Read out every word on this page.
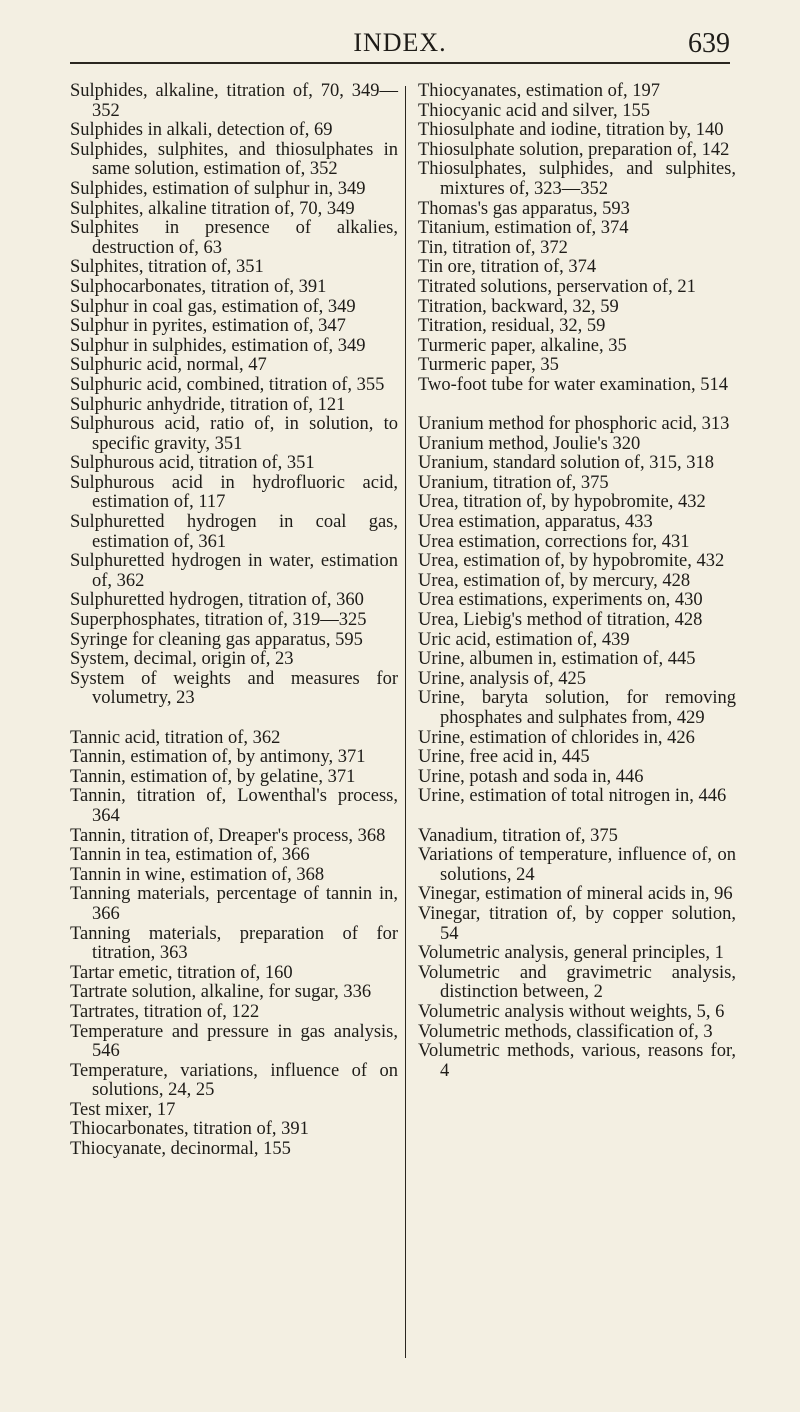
INDEX.	639

Sulphides, alkaline, titration of, 70, 349—352

Sulphides in alkali, detection of, 69

Sulphides, sulphites, and thiosulphates in same solution, estimation of, 352

Sulphides, estimation of sulphur in, 349

Sulphites, alkaline titration of, 70, 349

Sulphites in presence of alkalies, destruction of, 63

Sulphites, titration of, 351

Sulphocarbonates, titration of, 391

Sulphur in coal gas, estimation of, 349

Sulphur in pyrites, estimation of, 347

Sulphur in sulphides, estimation of, 349

Sulphuric acid, normal, 47

Sulphuric acid, combined, titration of, 355

Sulphuric anhydride, titration of, 121

Sulphurous acid, ratio of, in solution, to specific gravity, 351

Sulphurous acid, titration of, 351

Sulphurous acid in hydrofluoric acid, estimation of, 117

Sulphuretted hydrogen in coal gas, estimation of, 361

Sulphuretted hydrogen in water, estimation of, 362

Sulphuretted hydrogen, titration of, 360

Superphosphates, titration of, 319—325

Syringe for cleaning gas apparatus, 595

System, decimal, origin of, 23

System of weights and measures for volumetry, 23

Tannic acid, titration of, 362

Tannin, estimation of, by antimony, 371

Tannin, estimation of, by gelatine, 371

Tannin, titration of, Lowenthal's process, 364

Tannin, titration of, Dreaper's process, 368

Tannin in tea, estimation of, 366

Tannin in wine, estimation of, 368

Tanning materials, percentage of tannin in, 366

Tanning materials, preparation of for titration, 363

Tartar emetic, titration of, 160

Tartrate solution, alkaline, for sugar, 336

Tartrates, titration of, 122

Temperature and pressure in gas analysis, 546

Temperature, variations, influence of on solutions, 24, 25

Test mixer, 17

Thiocarbonates, titration of, 391

Thiocyanate, decinormal, 155

Thiocyanates, estimation of, 197

Thiocyanic acid and silver, 155

Thiosulphate and iodine, titration by, 140

Thiosulphate solution, preparation of, 142

Thiosulphates, sulphides, and sulphites, mixtures of, 323—352

Thomas's gas apparatus, 593

Titanium, estimation of, 374

Tin, titration of, 372

Tin ore, titration of, 374

Titrated solutions, perservation of, 21

Titration, backward, 32, 59

Titration, residual, 32, 59

Turmeric paper, alkaline, 35

Turmeric paper, 35

Two-foot tube for water examination, 514

Uranium method for phosphoric acid, 313

Uranium method, Joulie's 320

Uranium, standard solution of, 315, 318

Uranium, titration of, 375

Urea, titration of, by hypobromite, 432

Urea estimation, apparatus, 433

Urea estimation, corrections for, 431

Urea, estimation of, by hypobromite, 432

Urea, estimation of, by mercury, 428

Urea estimations, experiments on, 430

Urea, Liebig's method of titration, 428

Uric acid, estimation of, 439

Urine, albumen in, estimation of, 445

Urine, analysis of, 425

Urine, baryta solution, for removing phosphates and sulphates from, 429

Urine, estimation of chlorides in, 426

Urine, free acid in, 445

Urine, potash and soda in, 446

Urine, estimation of total nitrogen in, 446

Vanadium, titration of, 375

Variations of temperature, influence of, on solutions, 24

Vinegar, estimation of mineral acids in, 96

Vinegar, titration of, by copper solution, 54

Volumetric analysis, general principles, 1

Volumetric and gravimetric analysis, distinction between, 2

Volumetric analysis without weights, 5, 6

Volumetric methods, classification of, 3

Volumetric methods, various, reasons for, 4
